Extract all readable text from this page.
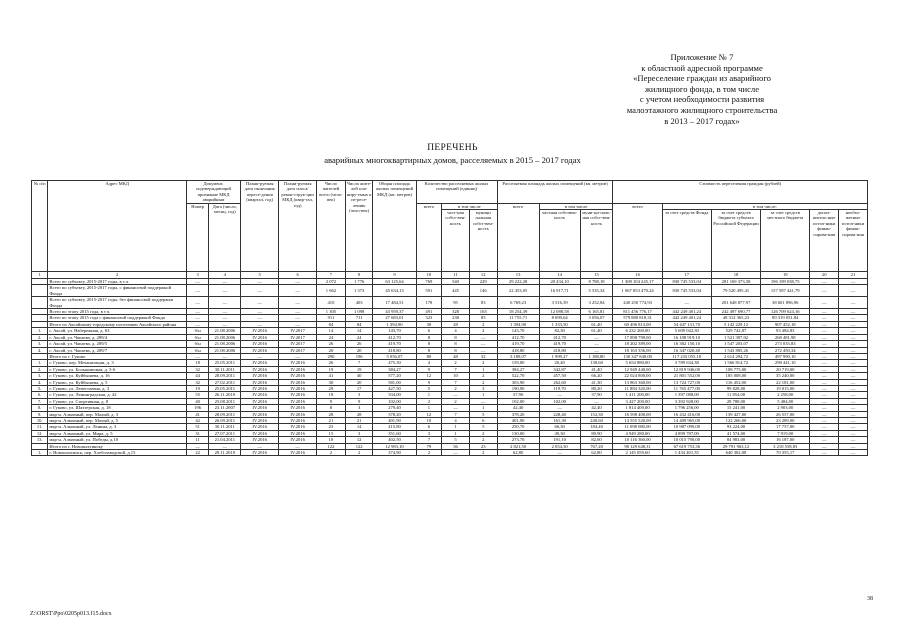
Приложение № 7
к областной адресной программе
«Переселение граждан из аварийного
жилищного фонда, в том числе
с учетом необходимости развития
малоэтажного жилищного строительства
в 2013 – 2017 годах»
ПЕРЕЧЕНЬ
аварийных многоквартирных домов, расселяемых в 2015 – 2017 годах
№ п/п	Адрес МКД	Документ, подтверждающий признание МКД аварийным		Плани-руемая дата окончания пересе-дения (квартал, год)	Плани-руемая дата сноса/ рекон-струк-ции МКД (квар-тал, год)	Число жителей всего (чело-век)	Число жите-лей пла-ниру-емых к пе-ресе-лению (чело-век)	Общая площадь жилых помещений МКД (кв. метров)	Количество расселяемых жилых помещений (единиц)			Расселяемая площадь жилых помещений (кв. метров)			Стоимость переселения граждан (рублей)					
		Номер	Дата (число, месяц, год)						всего	в том числе		всего	в том числе		всего	в том числе:				
										част-ная собст-вен-ность	муници пальная собст-вен-ность		частная собствен-ность	муни-ци-паль-ная собст-вен-ность		за счет средств Фонда	за счет средств бюджета субъекта Российской Федерации	за счет средств местного бюджета	допол-нитель-ные источ-ники финан-сирова-ния	необхо-жетные источ-ники финан-сирова-ния
1	2	3	4	5	6	7	8	9	10	11	12	13	14	15	16	17	18	19	20	21
	Всего по субъекту, 2015-2017 годы, в т.ч.	—	—	—	—	2 072	1 776	63 125,64	769	540	229	29 222,28	20 434,10	8 788,18	1 308 104 245,17	830 745 533,04	281 169 373,38	196 189 038,75	—	—
	Всего по субъекту, 2015-2017 годы, с финансовой поддержкой Фонда	—	—	—	—	1 662	1 373	45 634,13	591	445	146	22 453,05	16 917,71	5 535,34	1 067 853 470,24	830 745 533,04	79 520 495,41	157 587 441,79	—	—
	Всего по субъекту, 2015-2017 годы, без финансовой поддержки Фонда	—	—	—	—	410	403	17 484,51	178	95	83	6 769,23	3 516,39	3 252,84	240 250 774,93	—	201 648 877,97	38 601 896,96	—	—
	Всего по этапу 2015 года, в т.ч.	—	—	—	—	1 305	1 098	43 959,37	491	328	163	18 254,39	12 088,58	6 165,81	811 456 776,17	442 249 401,24	242 497 690,77	126 709 624,16	—	—
	Всего по этапу 2015 года с финансовой поддержкой Фонда	—	—	—	—	911	711	27 683,01	323	238	85	11 755,71	8 699,64	3 056,07	579 880 818,31	442 249 401,24	48 312 365,23	89 319 051,84	—	—
	Итого по Аксайскому городскому поселению Аксайского района	—	—	—	—	84	84	1 394,90	30	28	2	1 394,90	1 333,50	61,40	60 496 813,00	54 447 131,70	5 142 229,12	907 452,18	—	—
1.	г. Аксай, ул. Набережная, д. 63	б/н	21.08.2006	IV.2016	IV.2017	14	14	143,70	6	4	2	143,70	82,30	61,40	6 232 260,00	5 609 042,30	529 742,87	93 484,83	—	—
2.	г. Аксай, ул. Чапаева, д. 289/4	б/н	21.08.2006	IV.2016	IV.2017	24	24	412,70	8	8	—	412,70	412,70	—	17 898 799,00	16 108 919,10	1 521 397,92	268 481,98	—	—
3.	г. Аксай, ул. Чапаева, д. 289/5	б/н	21.08.2006	IV.2016	IV.2017	26	26	419,70	8	8	—	419,70	419,70	—	18 202 389,00	16 382 150,10	1 547 203,07	273 035,83	—	—
4.	г. Аксай, ул. Чапаева, д. 289/7	б/н	21.08.2006	IV.2016	IV.2017	20	20	418,80	8	8	—	418,80	418,80	—	18 163 356,00	16 347 020,40	1 543 885,26	272 450,34	—	—
	Итого по г. Гуково	—	—	—	—	290	196	5 056,07	80	48	32	3 188,07	1 999,27	1 188,80	130 347 840,00	117 235 055,18	2 614 294,72	497 990,10	—	—
1.	г. Гуково, пер. Механизации, д. 3	18	25.05.2011	IV.2016	IV.2016	26	7	475,30	4	2	2	159,00	20,40	138,60	5 654 880,00	3 789 634,38	1 566 814,72	298 441,10	—	—
2.	г. Гуково, ул. Большничная, д. 5-6	32	30.11.2011	IV.2016	IV.2016	19	19	384,27	9	7	1	384,27	342,87	41,40	12 949 440,00	12 819 946,00	108 775,00	20 719,00	—	—
3.	г. Гуково, ул. Куйбышева, д. 16	44	28.09.2011	IV.2016	IV.2016	41	40	577,20	12	10	2	522,70	457,50	66,20	22 024 800,00	21 801 552,00	185 008,00	35 240,00	—	—
4.	г. Гуково, ул. Куйбышева, д. 5	32	27.02.2011	IV.2016	IV.2016	30	20	581,00	9	7	2	303,90	262,60	41,30	13 863 360,00	13 724 727,00	116 452,00	22 181,00	—	—
5.	г. Гуково, ул. Лепегтаевна, д. 3	19	25.05.2011	IV.2016	IV.2016	29	17	427,50	5	2	3	190,90	119,70	80,20	11 884 320,00	11 765 477,00	99 828,00	19 015,00	—	—
6.	г. Гуково, ул. Ленинградская, д. 42	55	26.11.2010	IV.2016	IV.2016	18	3	334,00	1	—	1	37,90	—	37,90	1 411 200,00	1 397 088,00	11 854,00	2 258,00	—	—
7.	г. Гуково, ул. Спортивная, д. 8	40	25.08.2011	IV.2016	IV.2016	9	9	102,00	2	2	—	102,00	102,00	—	3 427 200,00	3 392 928,00	28 788,00	5 484,00	—	—
8.	г. Гуково, ул. Шахтерская, д. 18	196	23.11.2007	IV.2016	IV.2016	8	3	279,40	1	—	1	42,40	—	42,40	1 814 400,00	1 796 256,00	15 241,00	2 903,00	—	—
9.	мкр-н. Алмазный, пер. Малый, д. 3	41	28.09.2011	IV.2016	IV.2016	28	28	378,20	12	7	5	378,20	228,40	152,30	16 598 400,00	16 432 416,00	139 427,00	26 557,00	—	—
10.	мкр-н. Алмазный, пер. Малый, д. 5	42	26.09.2011	IV.2016	IV.2016	21	21	401,90	10	4	6	401,90	161,30	240,60	14 555 520,00	14 409 965,00	122 266,00	23 289,00	—	—
11.	мкр-н. Алмазный, ул. Ленина, д. 3	51	30.11.2011	IV.2016	IV.2016	25	14	415,80	6	1	5	250,70	66,30	184,40	11 098 080,00	10 987 099,00	93 224,00	17 757,00	—	—
12.	мкр-н. Алмазный, ул. Мира, д. 5	31	27.07.2011	IV.2016	IV.2016	15	3	351,60	3	1	2	130,00	49,30	80,90	4 949 280,00	4 899 787,00	41 574,00	7 919,00	—	—
13.	мкр-н. Алмазный, ул. Победы, д.10	11	21.04.2011	IV.2016	IV.2016	18	12	402,50	7	5	2	273,70	191,10	82,60	10 116 360,00	10 015 790,00	84 983,00	16 187,00	—	—
	Итого по г. Новошахтинску	—	—	—	—	122	122	12 983,10	79	56	23	2 821,50	2 054,30	767,20	98 129 648,31	67 619 753,36	29 791 963,12	3 218 558,83	—	—
1.	г. Новошахтинск, пер. Хлебозаводской, д.15	22	29.11.2010	IV.2016	IV.2016	2	2	374,90	2	—	2	62,80	—	62,80	2 145 059,60	1 434 401,35	640 302,08	70 355,17	—	—
38
Z:\ORST\Ppo\0205p013.f15.docx
